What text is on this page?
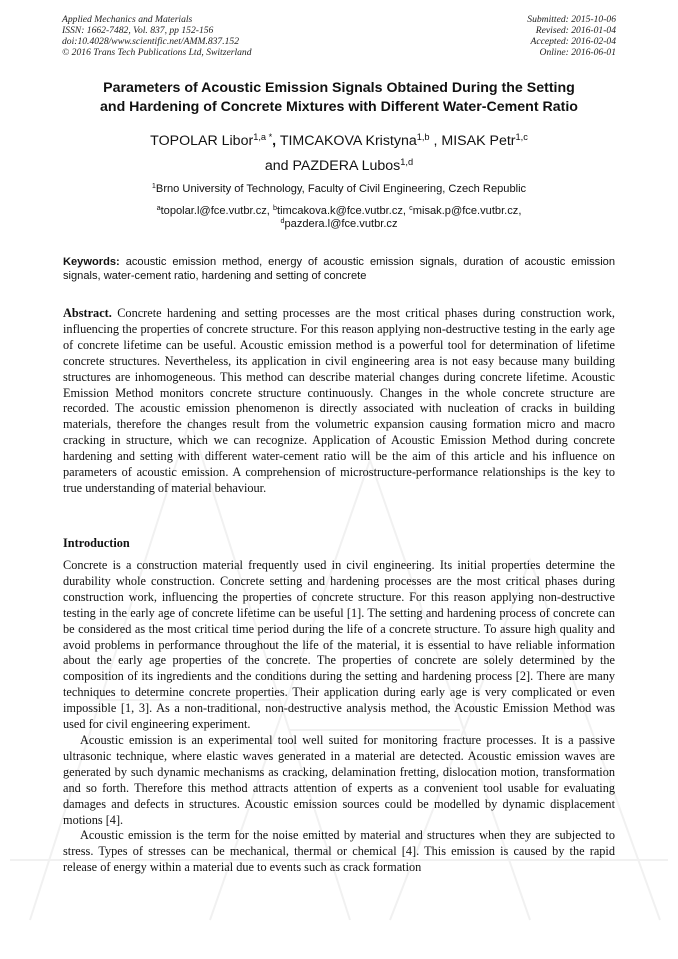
Applied Mechanics and Materials
ISSN: 1662-7482, Vol. 837, pp 152-156
doi:10.4028/www.scientific.net/AMM.837.152
© 2016 Trans Tech Publications Ltd, Switzerland
Submitted: 2015-10-06
Revised: 2016-01-04
Accepted: 2016-02-04
Online: 2016-06-01
Parameters of Acoustic Emission Signals Obtained During the Setting
and Hardening of Concrete Mixtures with Different Water-Cement Ratio
TOPOLAR Libor$^{1,a *}$, TIMCAKOVA Kristyna$^{1,b}$ , MISAK Petr$^{1,c}$
and PAZDERA Lubos$^{1,d}$
$^1$Brno University of Technology, Faculty of Civil Engineering, Czech Republic
$^a$topolar.l@fce.vutbr.cz, $^b$timcakova.k@fce.vutbr.cz, $^c$misak.p@fce.vutbr.cz,
$^d$pazdera.l@fce.vutbr.cz
Keywords: acoustic emission method, energy of acoustic emission signals, duration of acoustic emission signals, water-cement ratio, hardening and setting of concrete
Abstract. Concrete hardening and setting processes are the most critical phases during construction work, influencing the properties of concrete structure. For this reason applying non-destructive testing in the early age of concrete lifetime can be useful. Acoustic emission method is a powerful tool for determination of lifetime concrete structures. Nevertheless, its application in civil engineering area is not easy because many building structures are inhomogeneous. This method can describe material changes during concrete lifetime. Acoustic Emission Method monitors concrete structure continuously. Changes in the whole concrete structure are recorded. The acoustic emission phenomenon is directly associated with nucleation of cracks in building materials, therefore the changes result from the volumetric expansion causing formation micro and macro cracking in structure, which we can recognize. Application of Acoustic Emission Method during concrete hardening and setting with different water-cement ratio will be the aim of this article and his influence on parameters of acoustic emission. A comprehension of microstructure-performance relationships is the key to true understanding of material behaviour.
Introduction

Concrete is a construction material frequently used in civil engineering. Its initial properties determine the durability whole construction. Concrete setting and hardening processes are the most critical phases during construction work, influencing the properties of concrete structure. For this reason applying non-destructive testing in the early age of concrete lifetime can be useful [1]. The setting and hardening process of concrete can be considered as the most critical time period during the life of a concrete structure. To assure high quality and avoid problems in performance throughout the life of the material, it is essential to have reliable information about the early age properties of the concrete. The properties of concrete are solely determined by the composition of its ingredients and the conditions during the setting and hardening process [2]. There are many techniques to determine concrete properties. Their application during early age is very complicated or even impossible [1, 3]. As a non-traditional, non-destructive analysis method, the Acoustic Emission Method was used for civil engineering experiment.

Acoustic emission is an experimental tool well suited for monitoring fracture processes. It is a passive ultrasonic technique, where elastic waves generated in a material are detected. Acoustic emission waves are generated by such dynamic mechanisms as cracking, delamination fretting, dislocation motion, transformation and so forth. Therefore this method attracts attention of experts as a convenient tool usable for evaluating damages and defects in structures. Acoustic emission sources could be modelled by dynamic displacement motions [4].

Acoustic emission is the term for the noise emitted by material and structures when they are subjected to stress. Types of stresses can be mechanical, thermal or chemical [4]. This emission is caused by the rapid release of energy within a material due to events such as crack formation
